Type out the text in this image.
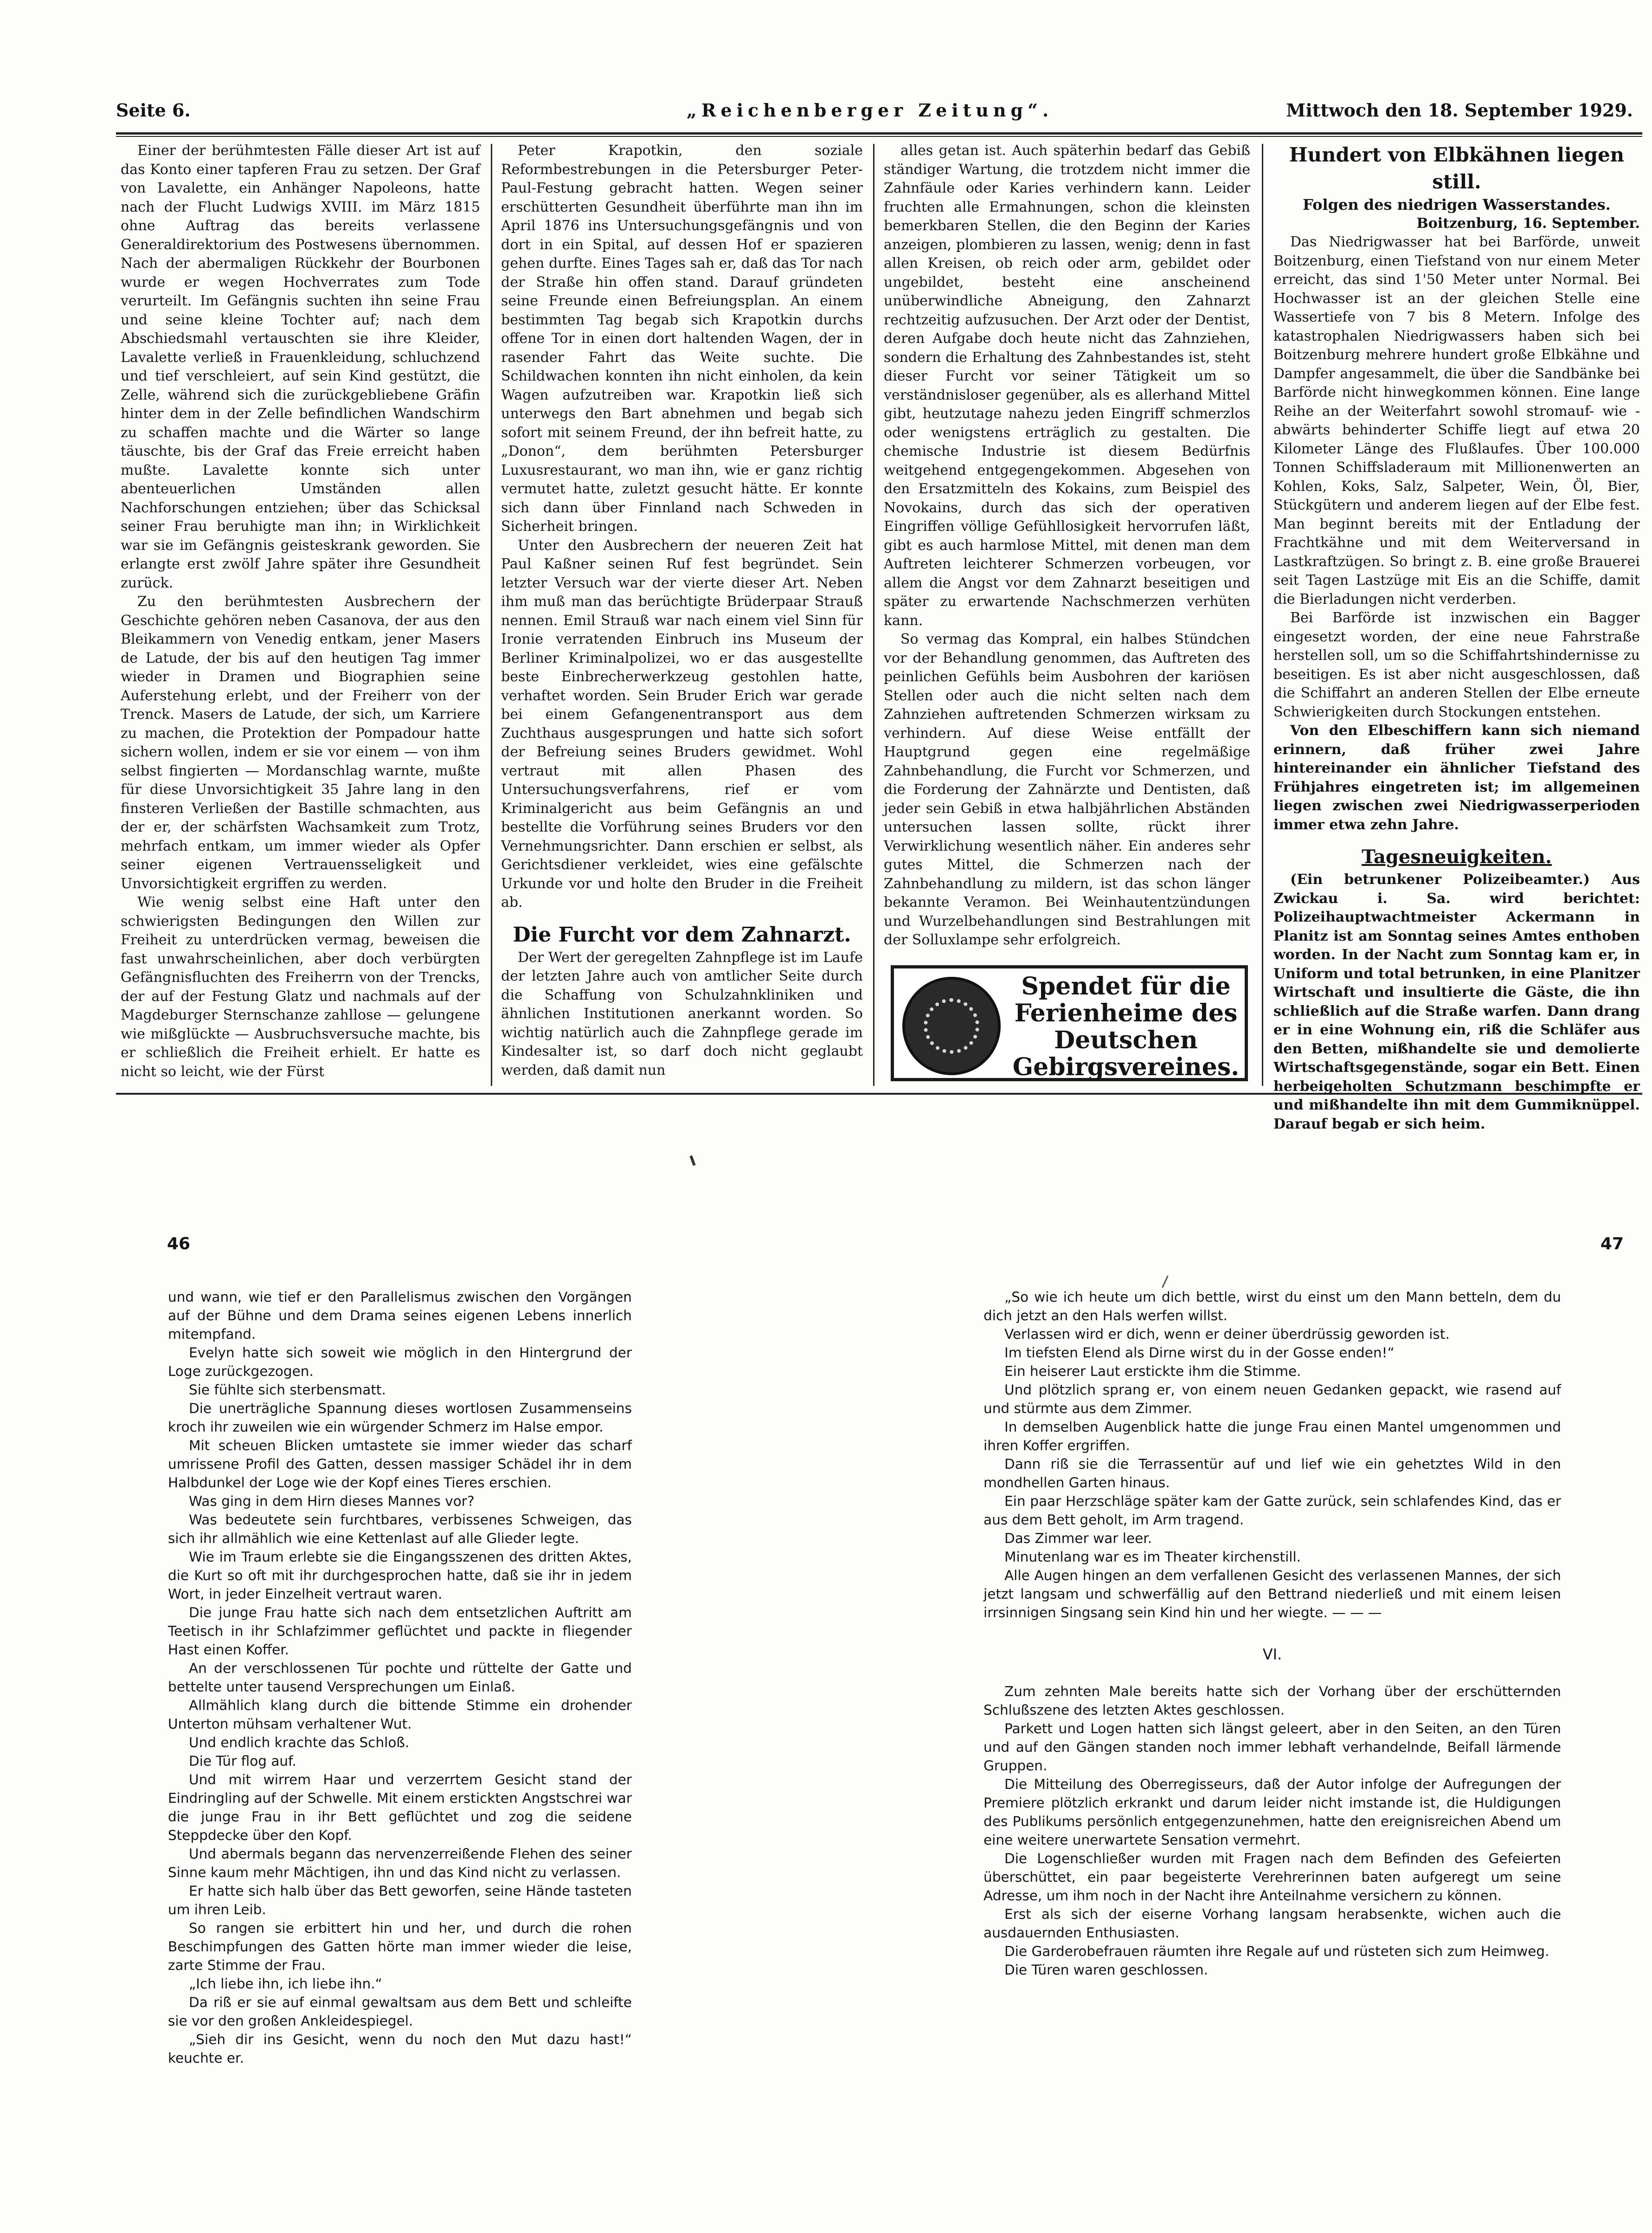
Seite 6.	„Reichenberger Zeitung“.	Mittwoch den 18. September 1929.

Einer der berühmtesten Fälle dieser Art ist auf das Konto einer tapferen Frau zu setzen. Der Graf von Lavalette, ein Anhänger Napoleons, hatte nach der Flucht Ludwigs XVIII. im März 1815 ohne Auftrag das bereits verlassene Generaldirektorium des Postwesens übernommen. Nach der abermaligen Rückkehr der Bourbonen wurde er wegen Hochverrates zum Tode verurteilt. Im Gefängnis suchten ihn seine Frau und seine kleine Tochter auf; nach dem Abschiedsmahl vertauschten sie ihre Kleider, Lavalette verließ in Frauenkleidung, schluchzend und tief verschleiert, auf sein Kind gestützt, die Zelle, während sich die zurückgebliebene Gräfin hinter dem in der Zelle befindlichen Wandschirm zu schaffen machte und die Wärter so lange täuschte, bis der Graf das Freie erreicht haben mußte. Lavalette konnte sich unter abenteuerlichen Umständen allen Nachforschungen entziehen; über das Schicksal seiner Frau beruhigte man ihn; in Wirklichkeit war sie im Gefängnis geisteskrank geworden. Sie erlangte erst zwölf Jahre später ihre Gesundheit zurück.

Zu den berühmtesten Ausbrechern der Geschichte gehören neben Casanova, der aus den Bleikammern von Venedig entkam, jener Masers de Latude, der bis auf den heutigen Tag immer wieder in Dramen und Biographien seine Auferstehung erlebt, und der Freiherr von der Trenck. Masers de Latude, der sich, um Karriere zu machen, die Protektion der Pompadour hatte sichern wollen, indem er sie vor einem — von ihm selbst fingierten — Mordanschlag warnte, mußte für diese Unvorsichtigkeit 35 Jahre lang in den finsteren Verließen der Bastille schmachten, aus der er, der schärfsten Wachsamkeit zum Trotz, mehrfach entkam, um immer wieder als Opfer seiner eigenen Vertrauensseligkeit und Unvorsichtigkeit ergriffen zu werden.

Wie wenig selbst eine Haft unter den schwierigsten Bedingungen den Willen zur Freiheit zu unterdrücken vermag, beweisen die fast unwahrscheinlichen, aber doch verbürgten Gefängnisfluchten des Freiherrn von der Trencks, der auf der Festung Glatz und nachmals auf der Magdeburger Sternschanze zahllose — gelungene wie mißglückte — Ausbruchsversuche machte, bis er schließlich die Freiheit erhielt. Er hatte es nicht so leicht, wie der Fürst

Peter Krapotkin, den soziale Reformbestrebungen in die Petersburger Peter-Paul-Festung gebracht hatten. Wegen seiner erschütterten Gesundheit überführte man ihn im April 1876 ins Untersuchungsgefängnis und von dort in ein Spital, auf dessen Hof er spazieren gehen durfte. Eines Tages sah er, daß das Tor nach der Straße hin offen stand. Darauf gründeten seine Freunde einen Befreiungsplan. An einem bestimmten Tag begab sich Krapotkin durchs offene Tor in einen dort haltenden Wagen, der in rasender Fahrt das Weite suchte. Die Schildwachen konnten ihn nicht einholen, da kein Wagen aufzutreiben war. Krapotkin ließ sich unterwegs den Bart abnehmen und begab sich sofort mit seinem Freund, der ihn befreit hatte, zu „Donon“, dem berühmten Petersburger Luxusrestaurant, wo man ihn, wie er ganz richtig vermutet hatte, zuletzt gesucht hätte. Er konnte sich dann über Finnland nach Schweden in Sicherheit bringen.

Unter den Ausbrechern der neueren Zeit hat Paul Kaßner seinen Ruf fest begründet. Sein letzter Versuch war der vierte dieser Art. Neben ihm muß man das berüchtigte Brüderpaar Strauß nennen. Emil Strauß war nach einem viel Sinn für Ironie verratenden Einbruch ins Museum der Berliner Kriminalpolizei, wo er das ausgestellte beste Einbrecherwerkzeug gestohlen hatte, verhaftet worden. Sein Bruder Erich war gerade bei einem Gefangenentransport aus dem Zuchthaus ausgesprungen und hatte sich sofort der Befreiung seines Bruders gewidmet. Wohl vertraut mit allen Phasen des Untersuchungsverfahrens, rief er vom Kriminalgericht aus beim Gefängnis an und bestellte die Vorführung seines Bruders vor den Vernehmungsrichter. Dann erschien er selbst, als Gerichtsdiener verkleidet, wies eine gefälschte Urkunde vor und holte den Bruder in die Freiheit ab.

Die Furcht vor dem Zahnarzt.

Der Wert der geregelten Zahnpflege ist im Laufe der letzten Jahre auch von amtlicher Seite durch die Schaffung von Schulzahnkliniken und ähnlichen Institutionen anerkannt worden. So wichtig natürlich auch die Zahnpflege gerade im Kindesalter ist, so darf doch nicht geglaubt werden, daß damit nun

alles getan ist. Auch späterhin bedarf das Gebiß ständiger Wartung, die trotzdem nicht immer die Zahnfäule oder Karies verhindern kann. Leider fruchten alle Ermahnungen, schon die kleinsten bemerkbaren Stellen, die den Beginn der Karies anzeigen, plombieren zu lassen, wenig; denn in fast allen Kreisen, ob reich oder arm, gebildet oder ungebildet, besteht eine anscheinend unüberwindliche Abneigung, den Zahnarzt rechtzeitig aufzusuchen. Der Arzt oder der Dentist, deren Aufgabe doch heute nicht das Zahnziehen, sondern die Erhaltung des Zahnbestandes ist, steht dieser Furcht vor seiner Tätigkeit um so verständnisloser gegenüber, als es allerhand Mittel gibt, heutzutage nahezu jeden Eingriff schmerzlos oder wenigstens erträglich zu gestalten. Die chemische Industrie ist diesem Bedürfnis weitgehend entgegengekommen. Abgesehen von den Ersatzmitteln des Kokains, zum Beispiel des Novokains, durch das sich der operativen Eingriffen völlige Gefühllosigkeit hervorrufen läßt, gibt es auch harmlose Mittel, mit denen man dem Auftreten leichterer Schmerzen vorbeugen, vor allem die Angst vor dem Zahnarzt beseitigen und später zu erwartende Nachschmerzen verhüten kann.

So vermag das Kompral, ein halbes Stündchen vor der Behandlung genommen, das Auftreten des peinlichen Gefühls beim Ausbohren der kariösen Stellen oder auch die nicht selten nach dem Zahnziehen auftretenden Schmerzen wirksam zu verhindern. Auf diese Weise entfällt der Hauptgrund gegen eine regelmäßige Zahnbehandlung, die Furcht vor Schmerzen, und die Forderung der Zahnärzte und Dentisten, daß jeder sein Gebiß in etwa halbjährlichen Abständen untersuchen lassen sollte, rückt ihrer Verwirklichung wesentlich näher. Ein anderes sehr gutes Mittel, die Schmerzen nach der Zahnbehandlung zu mildern, ist das schon länger bekannte Veramon. Bei Weinhautentzündungen und Wurzelbehandlungen sind Bestrahlungen mit der Solluxlampe sehr erfolgreich.

Spendet für die Ferienheime des Deutschen Gebirgsvereines.

Hundert von Elbkähnen liegen still.

Folgen des niedrigen Wasserstandes.

Boitzenburg, 16. September.

Das Niedrigwasser hat bei Barförde, unweit Boitzenburg, einen Tiefstand von nur einem Meter erreicht, das sind 1'50 Meter unter Normal. Bei Hochwasser ist an der gleichen Stelle eine Wassertiefe von 7 bis 8 Metern. Infolge des katastrophalen Niedrigwassers haben sich bei Boitzenburg mehrere hundert große Elbkähne und Dampfer angesammelt, die über die Sandbänke bei Barförde nicht hinwegkommen können. Eine lange Reihe an der Weiterfahrt sowohl stromauf- wie -abwärts behinderter Schiffe liegt auf etwa 20 Kilometer Länge des Flußlaufes. Über 100.000 Tonnen Schiffsladeraum mit Millionenwerten an Kohlen, Koks, Salz, Salpeter, Wein, Öl, Bier, Stückgütern und anderem liegen auf der Elbe fest. Man beginnt bereits mit der Entladung der Frachtkähne und mit dem Weiterversand in Lastkraftzügen. So bringt z. B. eine große Brauerei seit Tagen Lastzüge mit Eis an die Schiffe, damit die Bierladungen nicht verderben.

Bei Barförde ist inzwischen ein Bagger eingesetzt worden, der eine neue Fahrstraße herstellen soll, um so die Schiffahrtshindernisse zu beseitigen. Es ist aber nicht ausgeschlossen, daß die Schiffahrt an anderen Stellen der Elbe erneute Schwierigkeiten durch Stockungen entstehen.

Von den Elbeschiffern kann sich niemand erinnern, daß früher zwei Jahre hintereinander ein ähnlicher Tiefstand des Frühjahres eingetreten ist; im allgemeinen liegen zwischen zwei Niedrigwasserperioden immer etwa zehn Jahre.

Tagesneuigkeiten.

(Ein betrunkener Polizeibeamter.) Aus Zwickau i. Sa. wird berichtet: Polizeihauptwachtmeister Ackermann in Planitz ist am Sonntag seines Amtes enthoben worden. In der Nacht zum Sonntag kam er, in Uniform und total betrunken, in eine Planitzer Wirtschaft und insultierte die Gäste, die ihn schließlich auf die Straße warfen. Dann drang er in eine Wohnung ein, riß die Schläfer aus den Betten, mißhandelte sie und demolierte Wirtschaftsgegenstände, sogar ein Bett. Einen herbeigeholten Schutzmann beschimpfte er und mißhandelte ihn mit dem Gummiknüppel. Darauf begab er sich heim.

46	47

und wann, wie tief er den Parallelismus zwischen den Vorgängen auf der Bühne und dem Drama seines eigenen Lebens innerlich mitempfand.

Evelyn hatte sich soweit wie möglich in den Hintergrund der Loge zurückgezogen.

Sie fühlte sich sterbensmatt.

Die unerträgliche Spannung dieses wortlosen Zusammenseins kroch ihr zuweilen wie ein würgender Schmerz im Halse empor.

Mit scheuen Blicken umtastete sie immer wieder das scharf umrissene Profil des Gatten, dessen massiger Schädel ihr in dem Halbdunkel der Loge wie der Kopf eines Tieres erschien.

Was ging in dem Hirn dieses Mannes vor?

Was bedeutete sein furchtbares, verbissenes Schweigen, das sich ihr allmählich wie eine Kettenlast auf alle Glieder legte.

Wie im Traum erlebte sie die Eingangsszenen des dritten Aktes, die Kurt so oft mit ihr durchgesprochen hatte, daß sie ihr in jedem Wort, in jeder Einzelheit vertraut waren.

Die junge Frau hatte sich nach dem entsetzlichen Auftritt am Teetisch in ihr Schlafzimmer geflüchtet und packte in fliegender Hast einen Koffer.

An der verschlossenen Tür pochte und rüttelte der Gatte und bettelte unter tausend Versprechungen um Einlaß.

Allmählich klang durch die bittende Stimme ein drohender Unterton mühsam verhaltener Wut.

Und endlich krachte das Schloß.

Die Tür flog auf.

Und mit wirrem Haar und verzerrtem Gesicht stand der Eindringling auf der Schwelle. Mit einem erstickten Angstschrei war die junge Frau in ihr Bett geflüchtet und zog die seidene Steppdecke über den Kopf.

Und abermals begann das nervenzerreißende Flehen des seiner Sinne kaum mehr Mächtigen, ihn und das Kind nicht zu verlassen.

Er hatte sich halb über das Bett geworfen, seine Hände tasteten um ihren Leib.

So rangen sie erbittert hin und her, und durch die rohen Beschimpfungen des Gatten hörte man immer wieder die leise, zarte Stimme der Frau.

„Ich liebe ihn, ich liebe ihn.“

Da riß er sie auf einmal gewaltsam aus dem Bett und schleifte sie vor den großen Ankleidespiegel.

„Sieh dir ins Gesicht, wenn du noch den Mut dazu hast!“ keuchte er.

„So wie ich heute um dich bettle, wirst du einst um den Mann betteln, dem du dich jetzt an den Hals werfen willst.

Verlassen wird er dich, wenn er deiner überdrüssig geworden ist.

Im tiefsten Elend als Dirne wirst du in der Gosse enden!“

Ein heiserer Laut erstickte ihm die Stimme.

Und plötzlich sprang er, von einem neuen Gedanken gepackt, wie rasend auf und stürmte aus dem Zimmer.

In demselben Augenblick hatte die junge Frau einen Mantel umgenommen und ihren Koffer ergriffen.

Dann riß sie die Terrassentür auf und lief wie ein gehetztes Wild in den mondhellen Garten hinaus.

Ein paar Herzschläge später kam der Gatte zurück, sein schlafendes Kind, das er aus dem Bett geholt, im Arm tragend.

Das Zimmer war leer.

Minutenlang war es im Theater kirchenstill.

Alle Augen hingen an dem verfallenen Gesicht des verlassenen Mannes, der sich jetzt langsam und schwerfällig auf den Bettrand niederließ und mit einem leisen irrsinnigen Singsang sein Kind hin und her wiegte. — — —

VI.

Zum zehnten Male bereits hatte sich der Vorhang über der erschütternden Schlußszene des letzten Aktes geschlossen.

Parkett und Logen hatten sich längst geleert, aber in den Seiten, an den Türen und auf den Gängen standen noch immer lebhaft verhandelnde, Beifall lärmende Gruppen.

Die Mitteilung des Oberregisseurs, daß der Autor infolge der Aufregungen der Premiere plötzlich erkrankt und darum leider nicht imstande ist, die Huldigungen des Publikums persönlich entgegenzunehmen, hatte den ereignisreichen Abend um eine weitere unerwartete Sensation vermehrt.

Die Logenschließer wurden mit Fragen nach dem Befinden des Gefeierten überschüttet, ein paar begeisterte Verehrerinnen baten aufgeregt um seine Adresse, um ihm noch in der Nacht ihre Anteilnahme versichern zu können.

Erst als sich der eiserne Vorhang langsam herabsenkte, wichen auch die ausdauernden Enthusiasten.

Die Garderobefrauen räumten ihre Regale auf und rüsteten sich zum Heimweg.

Die Türen waren geschlossen.
